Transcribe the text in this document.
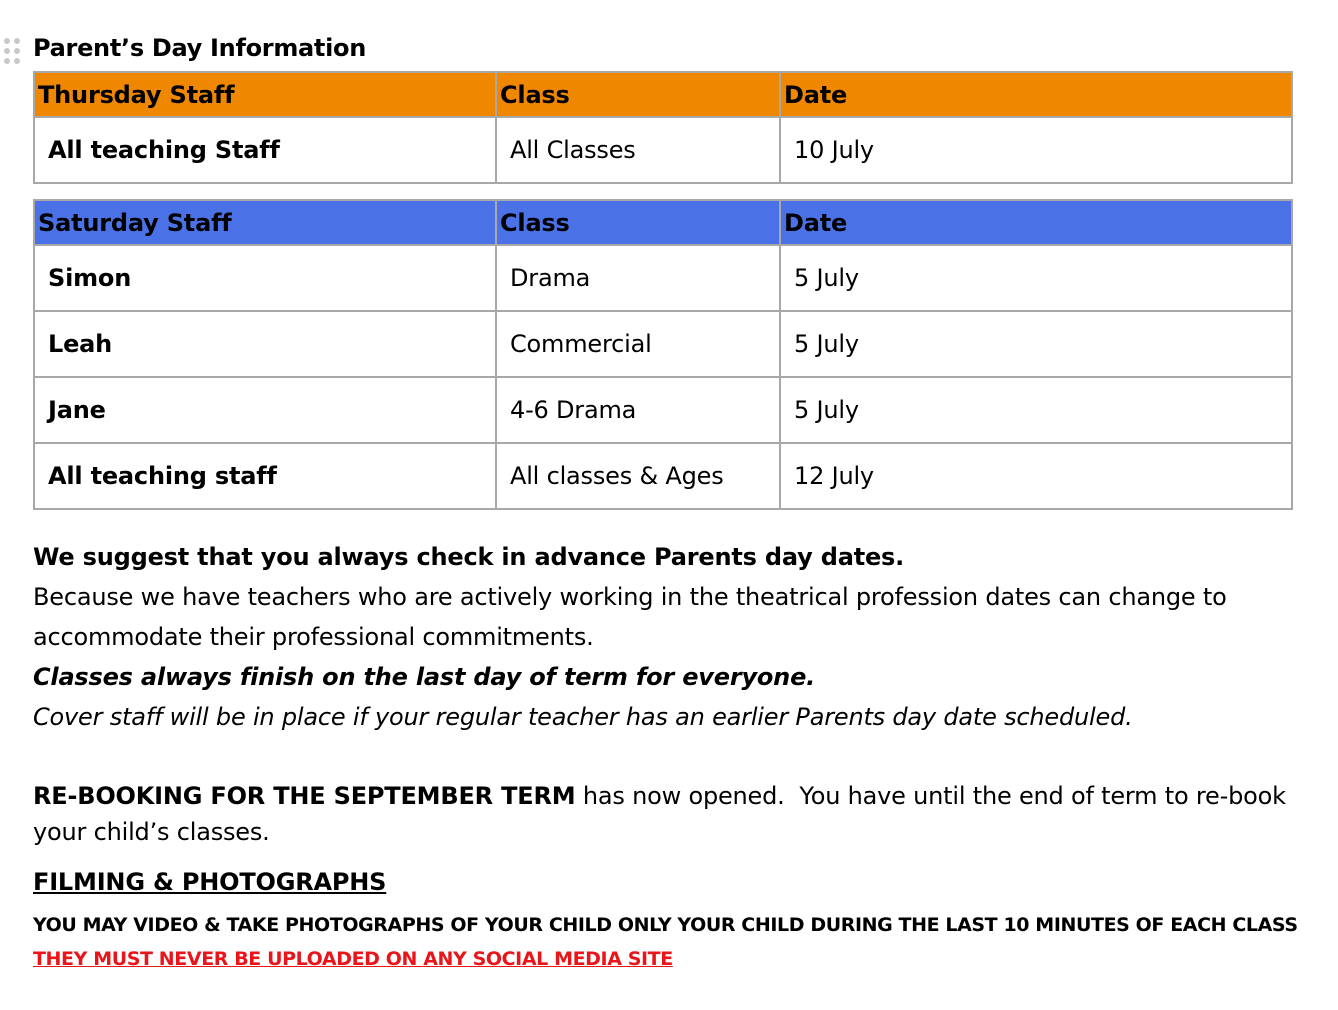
Parent’s Day Information
Thursday Staff	Class	Date
All teaching Staff	All Classes	10 July
Saturday Staff	Class	Date
Simon	Drama	5 July
Leah	Commercial	5 July
Jane	4-6 Drama	5 July
All teaching staff	All classes & Ages	12 July
We suggest that you always check in advance Parents day dates.
Because we have teachers who are actively working in the theatrical profession dates can change to
accommodate their professional commitments.
Classes always finish on the last day of term for everyone.
Cover staff will be in place if your regular teacher has an earlier Parents day date scheduled.
RE-BOOKING FOR THE SEPTEMBER TERM has now opened.  You have until the end of term to re-book
your child’s classes.
FILMING & PHOTOGRAPHS
YOU MAY VIDEO & TAKE PHOTOGRAPHS OF YOUR CHILD ONLY YOUR CHILD DURING THE LAST 10 MINUTES OF EACH CLASS
THEY MUST NEVER BE UPLOADED ON ANY SOCIAL MEDIA SITE
